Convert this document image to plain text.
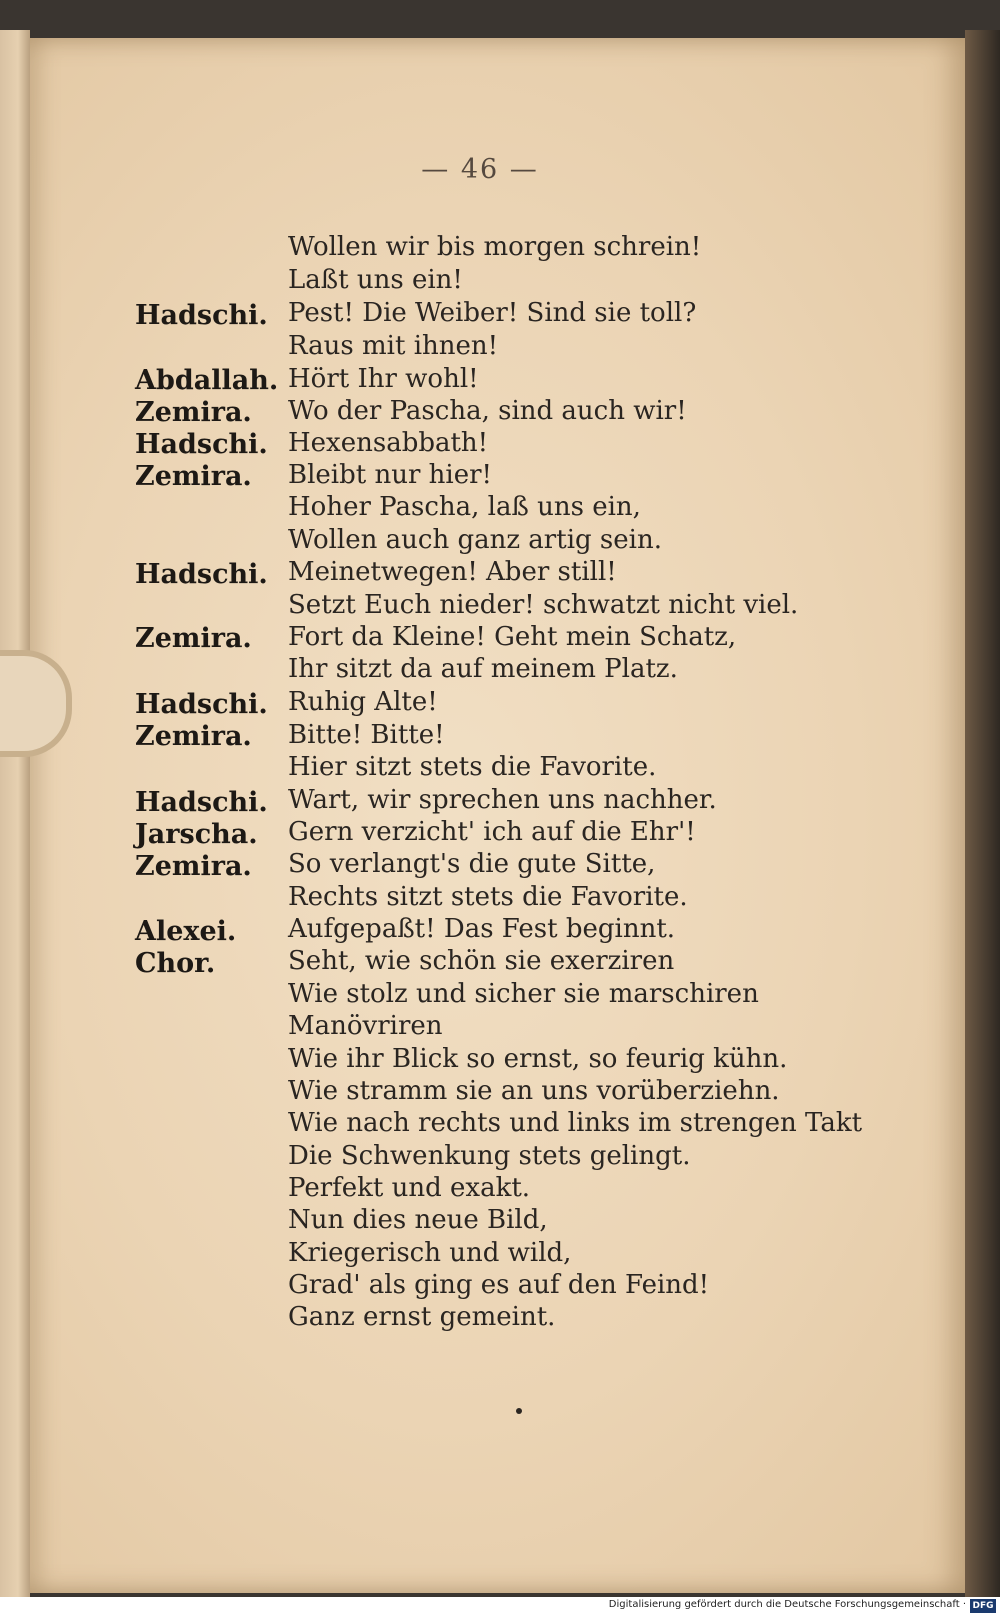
— 46 —
Hadschi.
Abdallah.
Zemira.
Hadschi.
Zemira.
Hadschi.
Zemira.
Hadschi.
Zemira.
Hadschi.
Jarscha.
Zemira.
Alexei.
Chor.
Wollen wir bis morgen schrein!
Laßt uns ein!
Pest! Die Weiber! Sind sie toll?
Raus mit ihnen!
Hört Ihr wohl!
Wo der Pascha, sind auch wir!
Hexensabbath!
Bleibt nur hier!
Hoher Pascha, laß uns ein,
Wollen auch ganz artig sein.
Meinetwegen! Aber still!
Setzt Euch nieder! schwatzt nicht viel.
Fort da Kleine! Geht mein Schatz,
Ihr sitzt da auf meinem Platz.
Ruhig Alte!
Bitte! Bitte!
Hier sitzt stets die Favorite.
Wart, wir sprechen uns nachher.
Gern verzicht' ich auf die Ehr'!
So verlangt's die gute Sitte,
Rechts sitzt stets die Favorite.
Aufgepaßt! Das Fest beginnt.
Seht, wie schön sie exerziren
Wie stolz und sicher sie marschiren
Manövriren
Wie ihr Blick so ernst, so feurig kühn.
Wie stramm sie an uns vorüberziehn.
Wie nach rechts und links im strengen Takt
Die Schwenkung stets gelingt.
Perfekt und exakt.
Nun dies neue Bild,
Kriegerisch und wild,
Grad' als ging es auf den Feind!
Ganz ernst gemeint.
Digitalisierung gefördert durch die Deutsche Forschungsgemeinschaft · DFG
